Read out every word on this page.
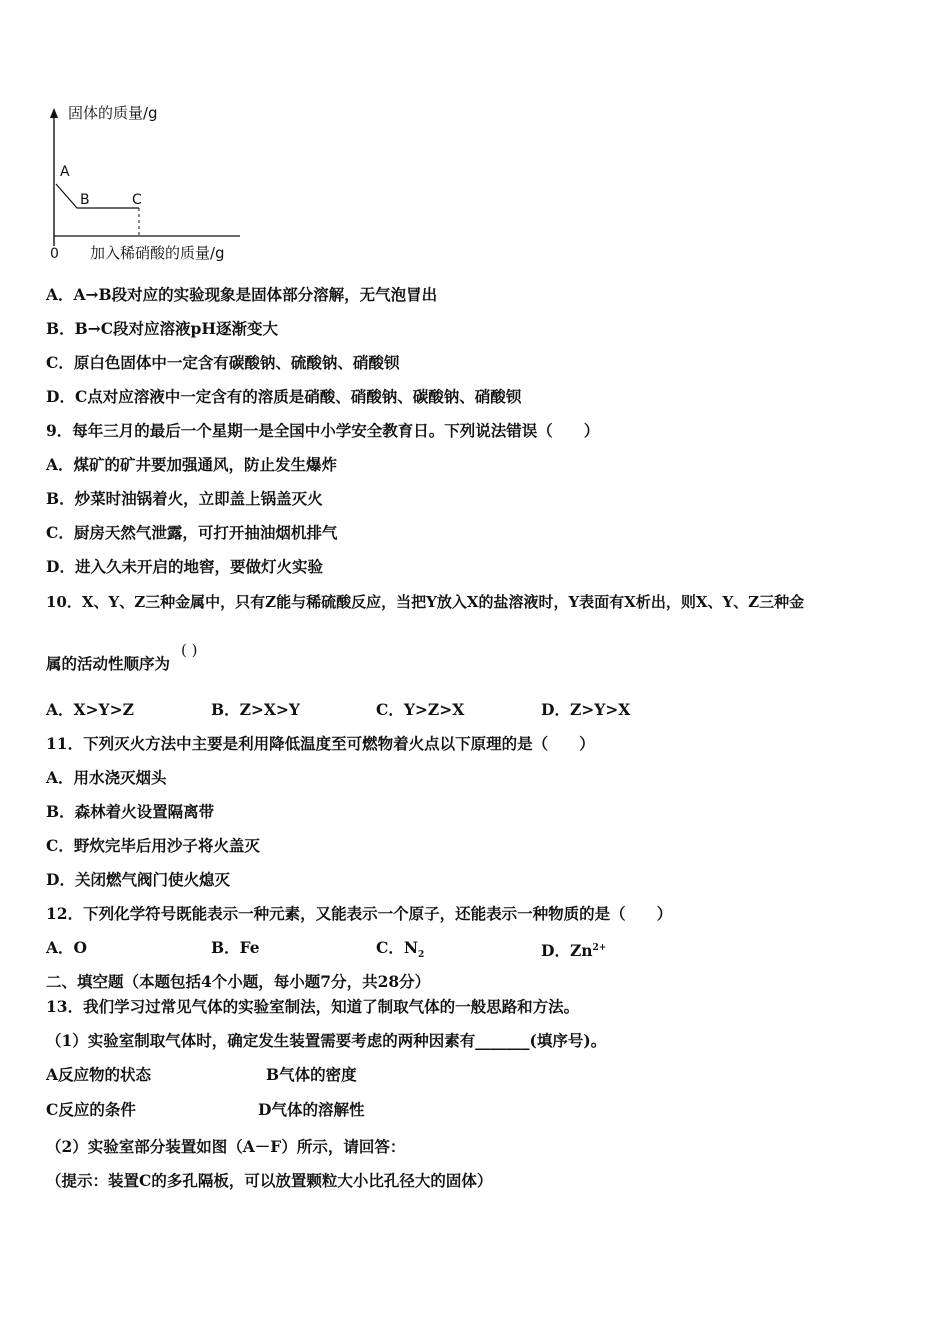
固体的质量/g
A
B	C
0 加入稀硝酸的质量/g
A．A→B段对应的实验现象是固体部分溶解，无气泡冒出
B．B→C段对应溶液pH逐渐变大
C．原白色固体中一定含有碳酸钠、硫酸钠、硝酸钡
D．C点对应溶液中一定含有的溶质是硝酸、硝酸钠、碳酸钠、硝酸钡
9．每年三月的最后一个星期一是全国中小学安全教育日。下列说法错误（　　）
A．煤矿的矿井要加强通风，防止发生爆炸
B．炒菜时油锅着火，立即盖上锅盖灭火
C．厨房天然气泄露，可打开抽油烟机排气
D．进入久未开启的地窖，要做灯火实验
10．X、Y、Z三种金属中，只有Z能与稀硫酸反应，当把Y放入X的盐溶液时，Y表面有X析出，则X、Y、Z三种金
属的活动性顺序为
( )
A．X>Y>Z	B．Z>X>Y	C．Y>Z>X	D．Z>Y>X
11．下列灭火方法中主要是利用降低温度至可燃物着火点以下原理的是（　　）
A．用水浇灭烟头
B．森林着火设置隔离带
C．野炊完毕后用沙子将火盖灭
D．关闭燃气阀门使火熄灭
12．下列化学符号既能表示一种元素，又能表示一个原子，还能表示一种物质的是（　　）
A．O	B．Fe	C．$N_2$	D．$Zn^{2+}$
二、填空题（本题包括4个小题，每小题7分，共28分）
13．我们学习过常见气体的实验室制法，知道了制取气体的一般思路和方法。
（1）实验室制取气体时，确定发生装置需要考虑的两种因素有_______(填序号)。
A反应物的状态	B气体的密度
C反应的条件	D气体的溶解性
（2）实验室部分装置如图（A－F）所示，请回答：
（提示：装置C的多孔隔板，可以放置颗粒大小比孔径大的固体）
